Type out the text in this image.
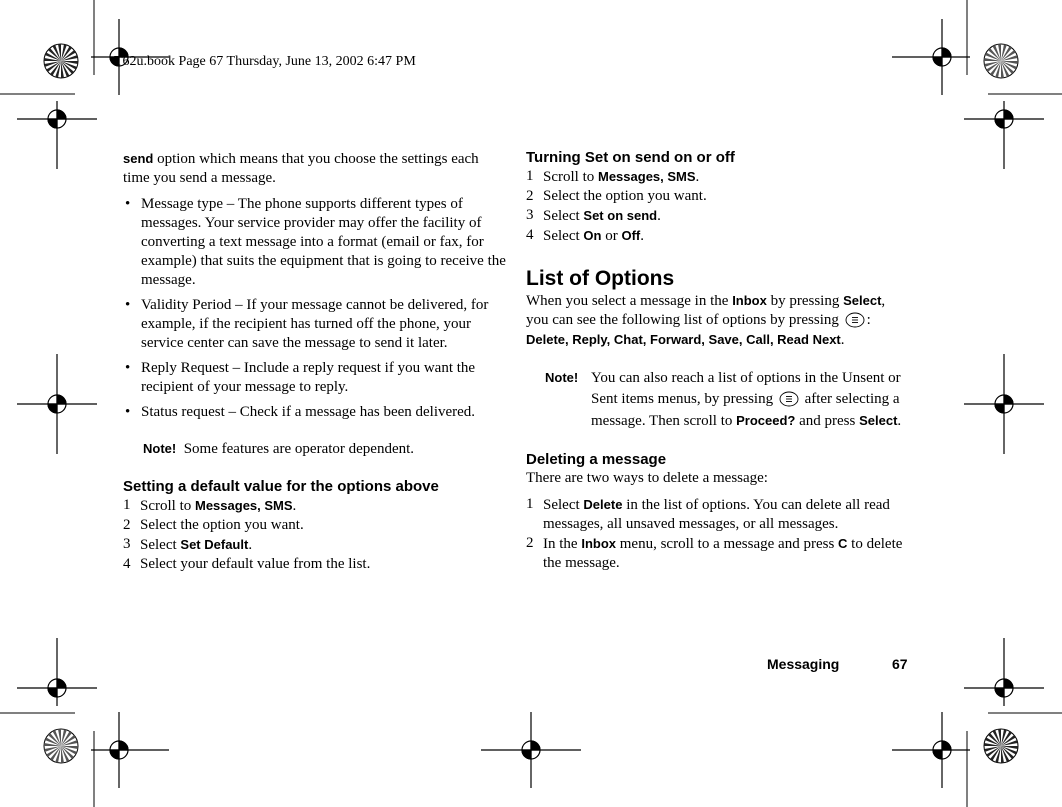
T62u.book Page 67 Thursday, June 13, 2002 6:47 PM

send option which means that you choose the settings each time you send a message.

• Message type – The phone supports different types of messages. Your service provider may offer the facility of converting a text message into a format (email or fax, for example) that suits the equipment that is going to receive the message.
• Validity Period – If your message cannot be delivered, for example, if the recipient has turned off the phone, your service center can save the message to send it later.
• Reply Request – Include a reply request if you want the recipient of your message to reply.
• Status request – Check if a message has been delivered.

Note! Some features are operator dependent.

Setting a default value for the options above

1 Scroll to Messages, SMS.
2 Select the option you want.
3 Select Set Default.
4 Select your default value from the list.

Turning Set on send on or off

1 Scroll to Messages, SMS.
2 Select the option you want.
3 Select Set on send.
4 Select On or Off.

List of Options

When you select a message in the Inbox by pressing Select, you can see the following list of options by pressing : Delete, Reply, Chat, Forward, Save, Call, Read Next.

Note! You can also reach a list of options in the Unsent or Sent items menus, by pressing  after selecting a message. Then scroll to Proceed? and press Select.

Deleting a message

There are two ways to delete a message:

1 Select Delete in the list of options. You can delete all read messages, all unsaved messages, or all messages.
2 In the Inbox menu, scroll to a message and press C to delete the message.
Messaging	67
